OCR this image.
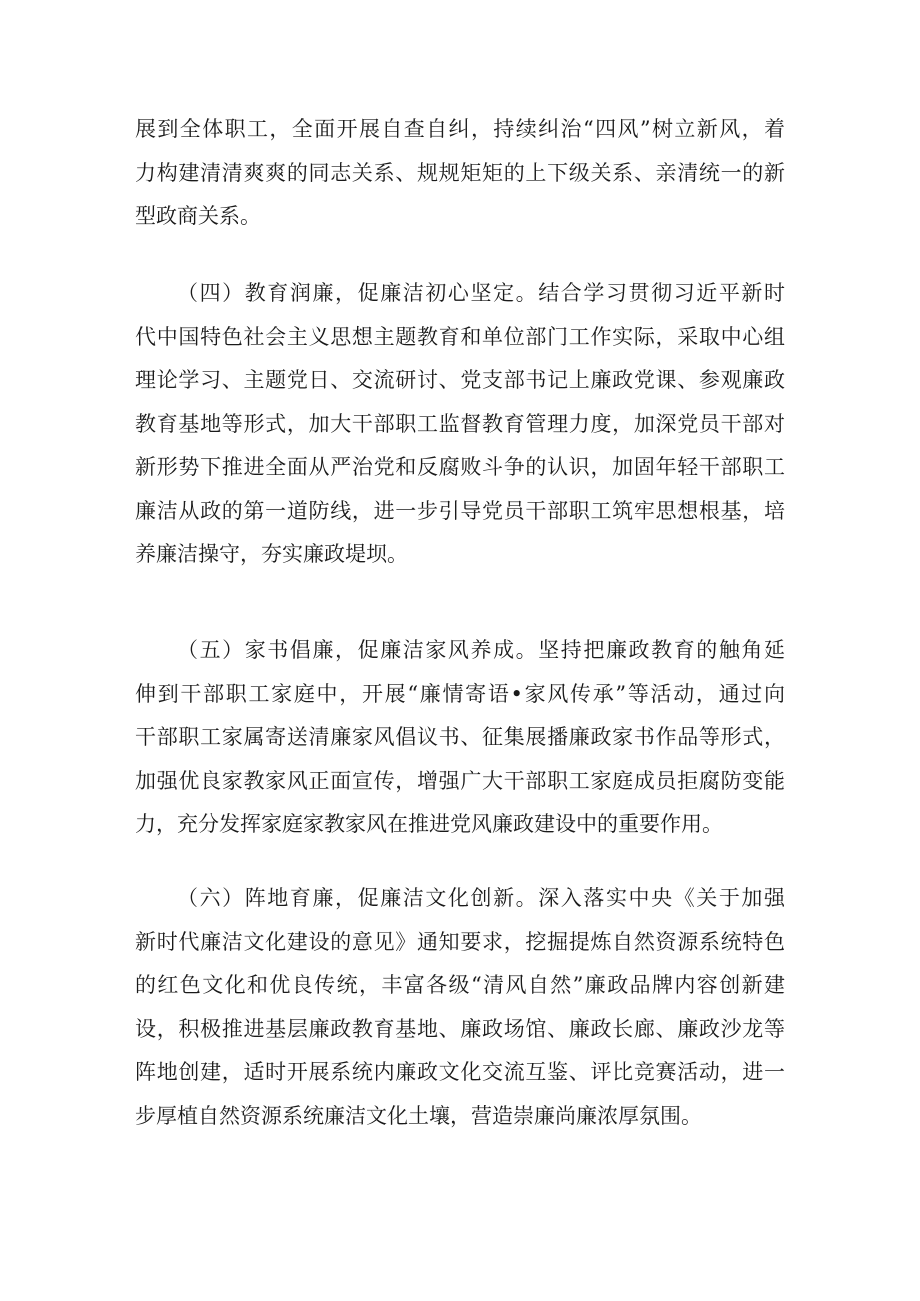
展到全体职工，全面开展自查自纠，持续纠治“四风”树立新风，着
力构建清清爽爽的同志关系、规规矩矩的上下级关系、亲清统一的新
型政商关系。
（四）教育润廉，促廉洁初心坚定。结合学习贯彻习近平新时
代中国特色社会主义思想主题教育和单位部门工作实际，采取中心组
理论学习、主题党日、交流研讨、党支部书记上廉政党课、参观廉政
教育基地等形式，加大干部职工监督教育管理力度，加深党员干部对
新形势下推进全面从严治党和反腐败斗争的认识，加固年轻干部职工
廉洁从政的第一道防线，进一步引导党员干部职工筑牢思想根基，培
养廉洁操守，夯实廉政堤坝。
（五）家书倡廉，促廉洁家风养成。坚持把廉政教育的触角延
伸到干部职工家庭中，开展“廉情寄语•家风传承”等活动，通过向
干部职工家属寄送清廉家风倡议书、征集展播廉政家书作品等形式，
加强优良家教家风正面宣传，增强广大干部职工家庭成员拒腐防变能
力，充分发挥家庭家教家风在推进党风廉政建设中的重要作用。
（六）阵地育廉，促廉洁文化创新。深入落实中央《关于加强
新时代廉洁文化建设的意见》通知要求，挖掘提炼自然资源系统特色
的红色文化和优良传统，丰富各级“清风自然”廉政品牌内容创新建
设，积极推进基层廉政教育基地、廉政场馆、廉政长廊、廉政沙龙等
阵地创建，适时开展系统内廉政文化交流互鉴、评比竞赛活动，进一
步厚植自然资源系统廉洁文化土壤，营造崇廉尚廉浓厚氛围。
